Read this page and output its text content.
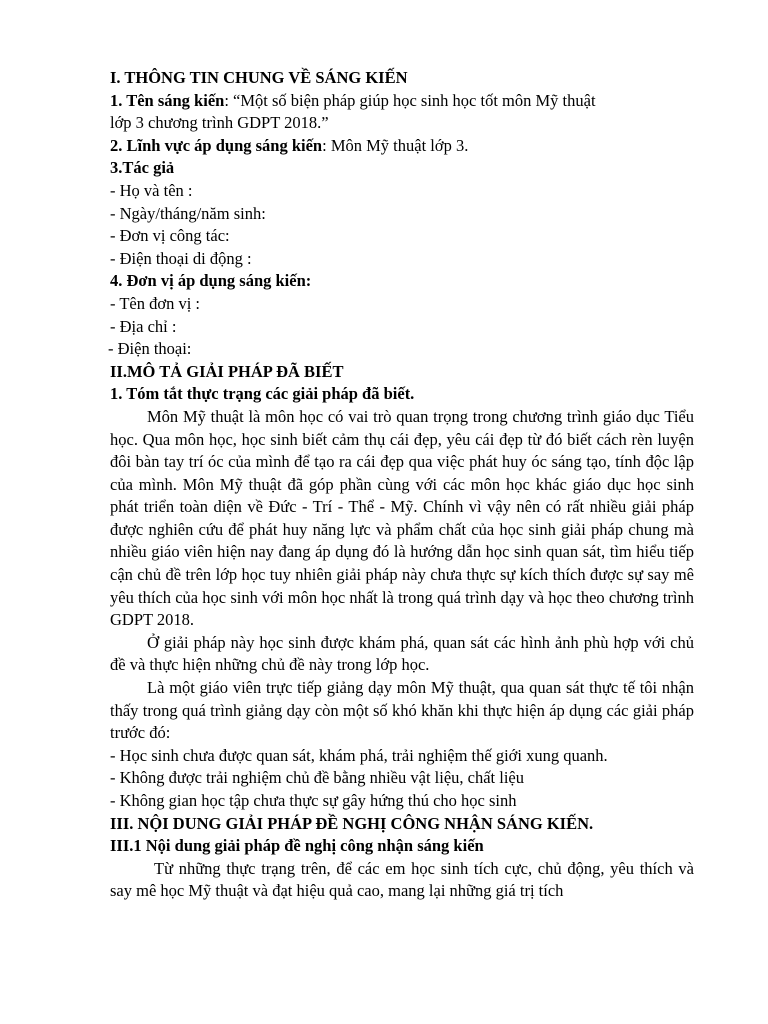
I. THÔNG TIN CHUNG VỀ SÁNG KIẾN

1. Tên sáng kiến: “Một số biện pháp giúp học sinh học tốt môn Mỹ thuật

lớp 3 chương trình GDPT 2018.”

2. Lĩnh vực áp dụng sáng kiến: Môn Mỹ thuật lớp 3.

3.Tác giả

- Họ và tên :

- Ngày/tháng/năm sinh:

- Đơn vị công tác:

- Điện thoại di động :

4. Đơn vị áp dụng sáng kiến:

- Tên đơn vị :

- Địa chỉ :

- Điện thoại:

II.MÔ TẢ GIẢI PHÁP ĐÃ BIẾT

1. Tóm tắt thực trạng các giải pháp đã biết.

Môn Mỹ thuật là môn học có vai trò quan trọng trong chương trình giáo dục Tiểu học. Qua môn học, học sinh biết cảm thụ cái đẹp, yêu cái đẹp từ đó biết cách rèn luyện đôi bàn tay trí óc của mình để tạo ra cái đẹp qua việc phát huy óc sáng tạo, tính độc lập của mình. Môn Mỹ thuật đã góp phần cùng với các môn học khác giáo dục học sinh phát triển toàn diện về Đức - Trí - Thể - Mỹ. Chính vì vậy nên có rất nhiều giải pháp được nghiên cứu để phát huy năng lực và phẩm chất của học sinh giải pháp chung mà nhiều giáo viên hiện nay đang áp dụng đó là hướng dẫn học sinh quan sát, tìm hiểu tiếp cận chủ đề trên lớp học tuy nhiên giải pháp này chưa thực sự kích thích được sự say mê yêu thích của học sinh với môn học nhất là trong quá trình dạy và học theo chương trình GDPT 2018.

Ở giải pháp này học sinh được khám phá, quan sát các hình ảnh phù hợp với chủ đề và thực hiện những chủ đề này trong lớp học.

Là một giáo viên trực tiếp giảng dạy môn Mỹ thuật, qua quan sát thực tế tôi nhận thấy trong quá trình giảng dạy còn một số khó khăn khi thực hiện áp dụng các giải pháp trước đó:

- Học sinh chưa được quan sát, khám phá, trải nghiệm thế giới xung quanh.

- Không được trải nghiệm chủ đề bằng nhiều vật liệu, chất liệu

- Không gian học tập chưa thực sự gây hứng thú cho học sinh

III. NỘI DUNG GIẢI PHÁP ĐỀ NGHỊ CÔNG NHẬN SÁNG KIẾN.

III.1 Nội dung giải pháp đề nghị công nhận sáng kiến

Từ những thực trạng trên, để các em học sinh tích cực, chủ động, yêu thích và say mê học Mỹ thuật và đạt hiệu quả cao, mang lại những giá trị tích
